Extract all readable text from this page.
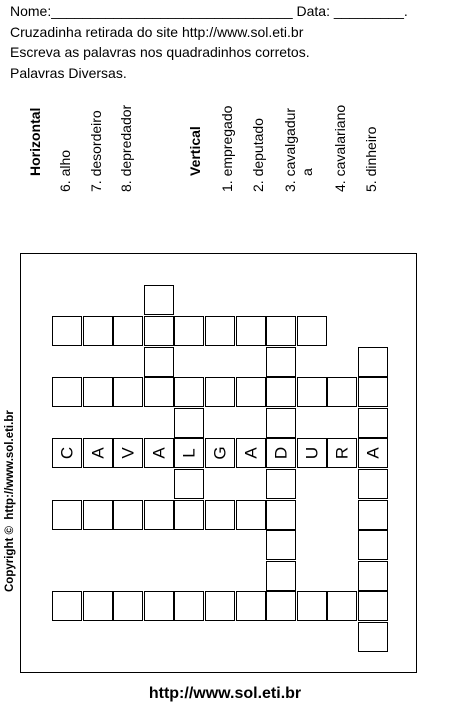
Nome:_______________________________ Data: _________.
Cruzadinha retirada do site http://www.sol.eti.br
Escreva as palavras nos quadradinhos corretos.
Palavras Diversas.
Horizontal 6. alho 7. desordeiro 8. depredador	Vertical 1. empregado 2. deputado 3. cavalgadur a 4. cavalariano 5. dinheiro
C A V A L G A D U R A
Copyright ©  http://www.sol.eti.br
http://www.sol.eti.br
